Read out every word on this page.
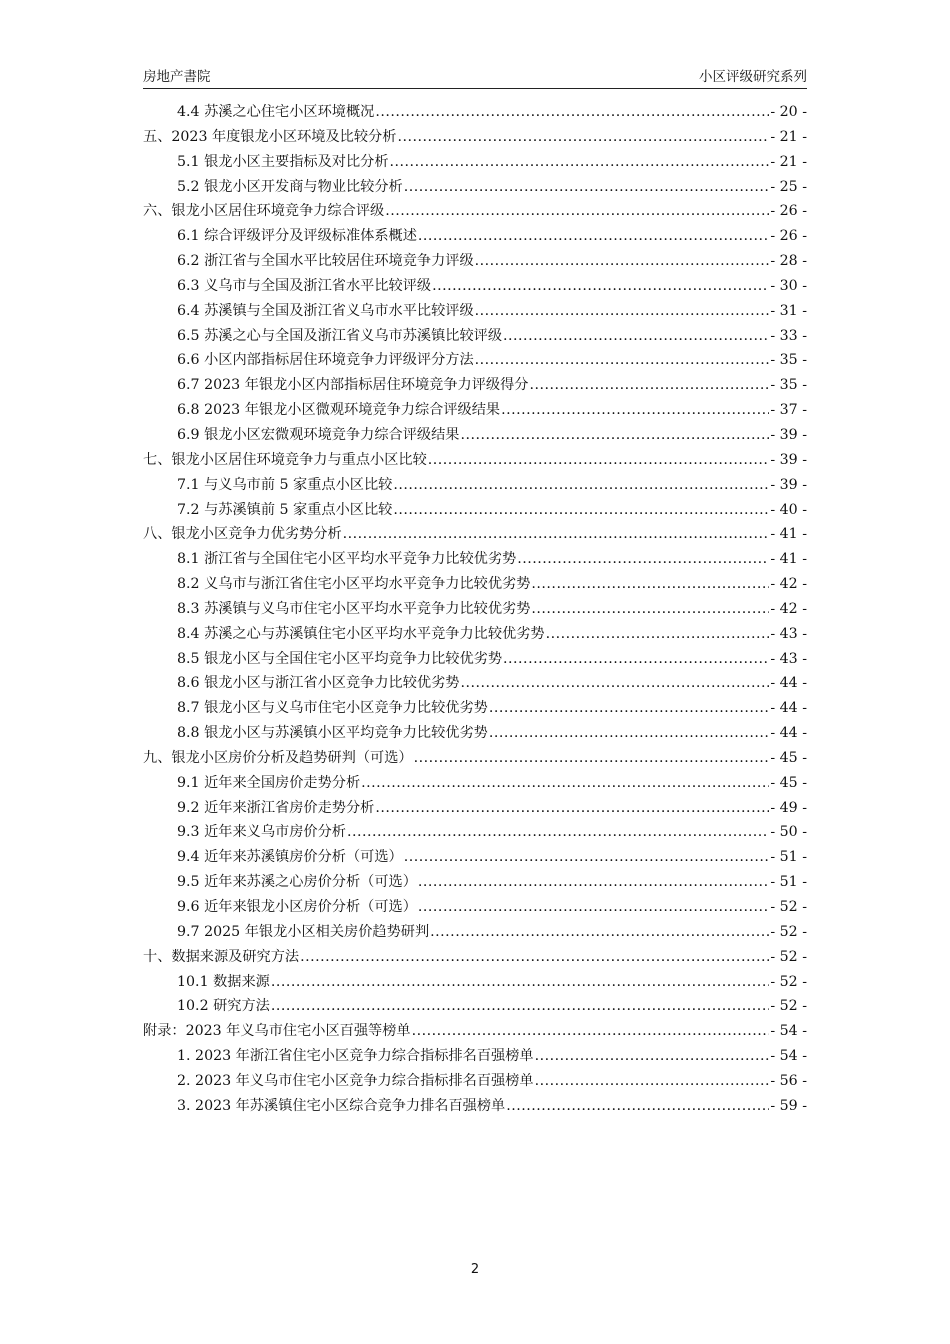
房地产書院	小区评级研究系列
4.4 苏溪之心住宅小区环境概况 .....	- 20 -
五、2023 年度银龙小区环境及比较分析 .....	- 21 -
5.1 银龙小区主要指标及对比分析 .....	- 21 -
5.2 银龙小区开发商与物业比较分析 .....	- 25 -
六、银龙小区居住环境竞争力综合评级 .....	- 26 -
6.1 综合评级评分及评级标准体系概述 .....	- 26 -
6.2 浙江省与全国水平比较居住环境竞争力评级 .....	- 28 -
6.3 义乌市与全国及浙江省水平比较评级 .....	- 30 -
6.4 苏溪镇与全国及浙江省义乌市水平比较评级 .....	- 31 -
6.5 苏溪之心与全国及浙江省义乌市苏溪镇比较评级 .....	- 33 -
6.6 小区内部指标居住环境竞争力评级评分方法 .....	- 35 -
6.7 2023 年银龙小区内部指标居住环境竞争力评级得分 .....	- 35 -
6.8 2023 年银龙小区微观环境竞争力综合评级结果 .....	- 37 -
6.9 银龙小区宏微观环境竞争力综合评级结果 .....	- 39 -
七、银龙小区居住环境竞争力与重点小区比较 .....	- 39 -
7.1 与义乌市前 5 家重点小区比较 .....	- 39 -
7.2 与苏溪镇前 5 家重点小区比较 .....	- 40 -
八、银龙小区竞争力优劣势分析 .....	- 41 -
8.1 浙江省与全国住宅小区平均水平竞争力比较优劣势 .....	- 41 -
8.2 义乌市与浙江省住宅小区平均水平竞争力比较优劣势 .....	- 42 -
8.3 苏溪镇与义乌市住宅小区平均水平竞争力比较优劣势 .....	- 42 -
8.4 苏溪之心与苏溪镇住宅小区平均水平竞争力比较优劣势 .....	- 43 -
8.5 银龙小区与全国住宅小区平均竞争力比较优劣势 .....	- 43 -
8.6 银龙小区与浙江省小区竞争力比较优劣势 .....	- 44 -
8.7 银龙小区与义乌市住宅小区竞争力比较优劣势 .....	- 44 -
8.8 银龙小区与苏溪镇小区平均竞争力比较优劣势 .....	- 44 -
九、银龙小区房价分析及趋势研判（可选） .....	- 45 -
9.1 近年来全国房价走势分析 .....	- 45 -
9.2 近年来浙江省房价走势分析 .....	- 49 -
9.3 近年来义乌市房价分析 .....	- 50 -
9.4 近年来苏溪镇房价分析（可选） .....	- 51 -
9.5 近年来苏溪之心房价分析（可选） .....	- 51 -
9.6 近年来银龙小区房价分析（可选） .....	- 52 -
9.7 2025 年银龙小区相关房价趋势研判 .....	- 52 -
十、数据来源及研究方法 .....	- 52 -
10.1 数据来源 .....	- 52 -
10.2 研究方法 .....	- 52 -
附录：2023 年义乌市住宅小区百强等榜单 .....	- 54 -
1. 2023 年浙江省住宅小区竞争力综合指标排名百强榜单 .....	- 54 -
2. 2023 年义乌市住宅小区竞争力综合指标排名百强榜单 .....	- 56 -
3. 2023 年苏溪镇住宅小区综合竞争力排名百强榜单 .....	- 59 -
2
